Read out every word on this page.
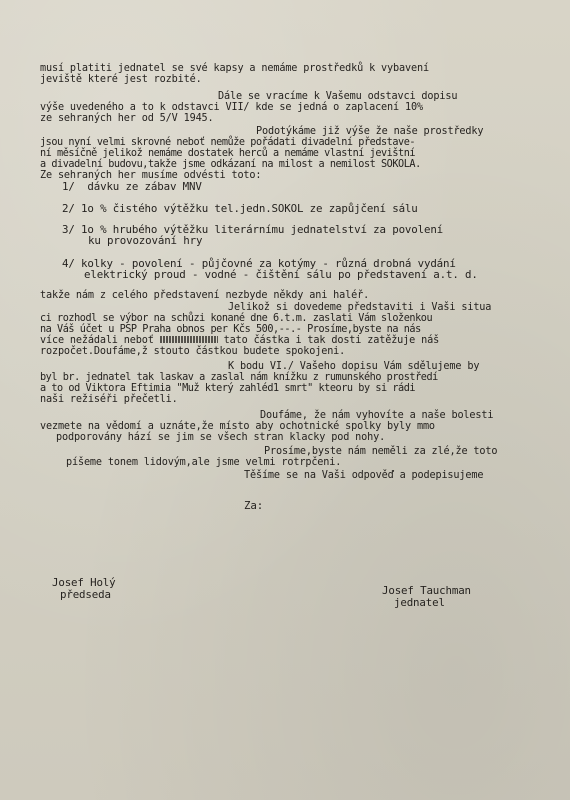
musí platiti jednatel se své kapsy a nemáme prostředků k vybavení
jeviště které jest rozbité.
Dále se vracíme k Vašemu odstavci dopisu
výše uvedeného a to k odstavci VII/ kde se jedná o zaplacení 10%
ze sehraných her od 5/V 1945.
Podotýkáme již výše že naše prostředky
jsou nyní velmi skrovné neboť nemůže pořádati divadelní představe-
ní měsíčně jelikož nemáme dostatek herců a nemáme vlastní jevištní
a divadelní budovu,takže jsme odkázaní na milost a nemilost SOKOLA.
Ze sehraných her musíme odvésti toto:
1/  dávku ze zábav MNV
2/ 1o % čistého výtěžku tel.jedn.SOKOL ze zapůjčení sálu
3/ 1o % hrubého výtěžku literárnímu jednatelství za povolení
ku provozování hry
4/ kolky - povolení - půjčovné za kotýmy - různá drobná vydání
elektrický proud - vodné - čištění sálu po představení a.t. d.
takže nám z celého představení nezbyde někdy ani haléř.
Jelikož si dovedeme představiti i Vaši situa
ci rozhodl se výbor na schůzi konané dne 6.t.m. zaslati Vám složenkou
na Váš účet u PSP Praha obnos per Kčs 500,--.- Prosíme,byste na nás
více nežádali neboť	tato částka i tak dosti zatěžuje náš
rozpočet.Doufáme,ž stouto částkou budete spokojeni.
K bodu VI./ Vašeho dopisu Vám sdělujeme by
byl br. jednatel tak laskav a zaslal nám knížku z rumunského prostředí
a to od Viktora Eftimia "Muž který zahléd1 smrt" kteoru by si rádi
naši režiséři přečetli.
Doufáme, že nám vyhovíte a naše bolesti
vezmete na vědomí a uznáte,že místo aby ochotnické spolky byly mmo
podporovány hází se jim se všech stran klacky pod nohy.
Prosíme,byste nám neměli za zlé,že toto
píšeme tonem lidovým,ale jsme velmi rotrpčeni.
Těšíme se na Vaši odpověď a podepisujeme
Za:
Josef Holý
předseda	Josef Tauchman
jednatel
